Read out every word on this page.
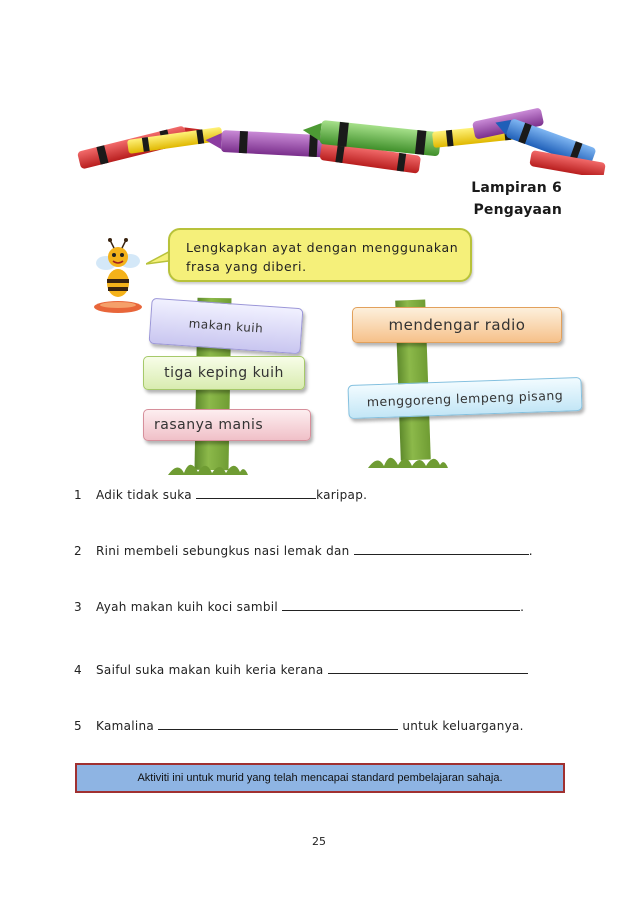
Lampiran 6
Pengayaan
Lengkapkan ayat dengan menggunakan
frasa yang diberi.
makan kuih	mendengar radio
tiga keping kuih
menggoreng lempeng pisang
rasanya manis
1 Adik tidak suka	karipap.
2 Rini membeli sebungkus nasi lemak dan	.
3 Ayah makan kuih koci sambil	.
4 Saiful suka makan kuih keria kerana
5 Kamalina	untuk keluarganya.
Aktiviti ini untuk murid yang telah mencapai standard pembelajaran sahaja.
25
